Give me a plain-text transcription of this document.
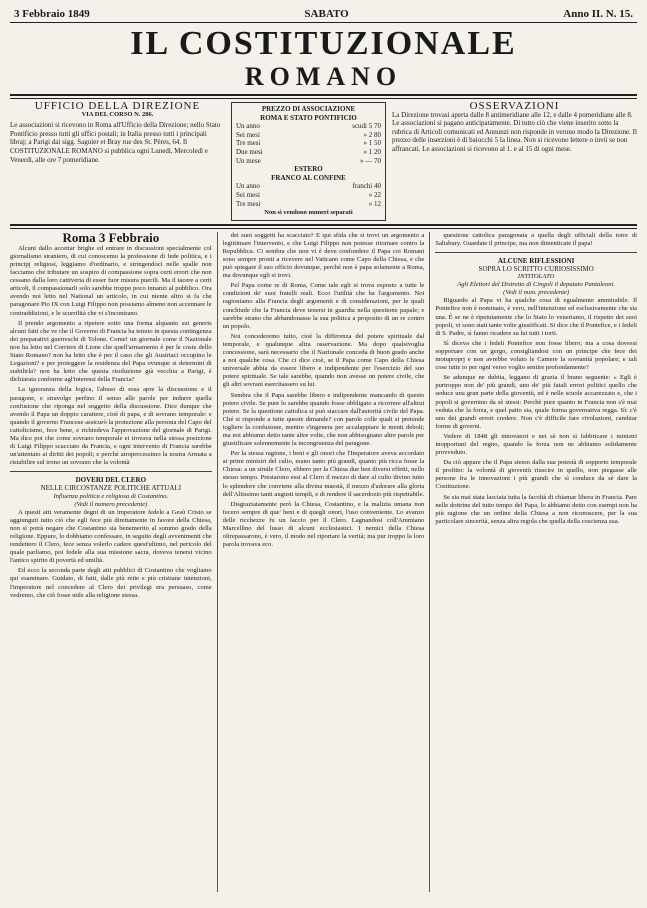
3 Febbraio 1849	SABATO	Anno II. N. 15.
IL COSTITUZIONALE
ROMANO
UFFICIO DELLA DIREZIONE
VIA DEL CORSO N. 286.
Le associazioni si ricevono in Roma all'Ufficio della Direzione; nello Stato Pontificio presso tutti gli uffici postali; in Italia presso tutti i principali libraj; a Parigi dai sigg. Saguier et Bray rue des St. Pères, 64. Il COSTITUZIONALE ROMANO si pubblica ogni Lunedì, Mercoledì e Venerdì, alle ore 7 pomeridiane.
PREZZO DI ASSOCIAZIONE
ROMA E STATO PONTIFICIO
Un anno	scudi 5 70
Sei mesi	» 2 80
Tre mesi	» 1 50
Due mesi	» 1 20
Un mese	» — 70
ESTERO
FRANCO AL CONFINE
Un anno	franchi 40
Sei mesi	» 22
Tre mesi	» 12
Non si vendono numeri separati
OSSERVAZIONI
La Direzione trovasi aperta dalle 8 antimeridiane alle 12, e dalle 4 pomeridiane alle 8. Le associazioni si pagano anticipatamente. Di tutto ciò che viene inserito sotto la rubrica di Articoli comunicati ed Annunzi non risponde in veruno modo la Direzione. Il prezzo delle inserzioni è di baiocchi 5 la linea. Non si ricevono lettere o invii se non affrancati. Le associazioni si ricevono al 1. e al 15 di ogni mese.
Roma 3 Febbraio

Alcuni dallo accettar brighe ed entrare in discussioni specialmente col giornalismo straniero, di cui conoscemo la professione di fede politica, e i principj religiosi, leggiamo d'ordinario, e stringendoci nelle spalle non facciamo che tributare un sospiro di compassione sopra certi errori che non cessano dalla loro cattiveria di esser fuor misura puerili. Ma il tacere a certi articoli, il compassionarli solo sarebbe troppo poco innanzi al pubblico. Ora avendo noi letto nel National un articolo, in cui niente altro si fa che paragonare Pio IX con Luigi Filippo non possiamo almeno non accennare le contraddizioni, e le scurrilità che vi s'incontrano.

Il prendo argomento a ripetere sotto una forma alquanto sui generis alcuni fatti che ve che il Governo di Francia ha tenuto in questa contingenza dei preparativi guerreschi di Tolone. Come! un giornale come il Nazionale non ha letto nel Corriere di Lione che quell'armamento è per le coste dello Stato Romano? non ha letto che è per il caso che gli Austriaci occupino le Legazioni? e per proteggere la residenza del Papa ovunque si determini di stabilirla? non ha letto che questa risoluzione già vecchia a Parigi, è dichiarata conforme agl'interessi della Francia?

La ignoranza della logica, l'abuso di essa apre la discussione e il paragone, e stravolge perfino il senso alle parole per indurre quella confusione che riponga nel soggetto della discussione. Dice dunque che avendo il Papa un doppio carattere, cioè di papa, e di sovrano temporale: e quando il governo Francese assicurò la protezione alla persona del Capo del cattolicismo, fece bene, e richiedeva l'approvazione del giornale di Parigi. Ma dice poi che come sovrano temporale ei trovava nella stessa posizione di Luigi Filippo scacciato da Francia, e ogni intervento di Francia sarebbe un'attentato ai diritti dei popoli; e perchè atropercessimo la nostra Armata a ristabilire sul trono un sovrano che la volontà

DOVERI DEL CLERO
NELLE CIRCOSTANZE POLITICHE ATTUALI
Influenza politica e religiosa di Costantino.
(Vedi il numero precedente)

A questi atti veramente degni di un imperatore fedele a Gesù Cristo se aggiunguti tutto ciò che egli fece più direttamente in favore della Chiesa, non sì potrà negare che Costantino sia benemerito al sommo grado della religione. Eppure, lo dobbiamo confessare, in seguito degli avvenimenti che rendettero il Clero, fece senza volerlo cadere quest'ultimo, nel pericolo del quale parliamo, poi fedele alla sua missione sacra, doveva tenersi vicino l'antico spirito di povertà ed umiltà.

Ed ecco la seconda parte degli atti pubblici di Costantino che vogliamo qui esaminare. Guidato, di fatti, dalle più rette e più cristiane intenzioni, l'imperatore nel concedere al Clero dei privilegi era persuaso, come vedremo, che ciò fosse utile alla religione stessa.

dei suoi soggetti ha scacciato? E qui sfida che si trovi un argomento a legittimare l'intervento, e che Luigi Filippo non potesse ritornare contro la Repubblica. Ci sembra che non vi è deve confondere il Papa coi Romani sono sempre pronti a ricevere nel Vaticano come Capo della Chiesa, e che può spiegare il suo officio dovunque, perchè non è papa solamente a Roma, ma dovunque egli si trovi.

Pel Papa come re di Roma, Come tale egli si trova esposto a tutte le condizioni de' suoi fratelli reali. Ecco l'utilità che ha l'argomento. Noi ragioniamo alla Francia degli argomenti e di considerazioni, per le quali conchiude che la Francia deve tenersi in guardia nella questione papale; e sarebbe strano che abbandonasse la sua politica a proposito di un re contro un popolo.

Noi concederemo tutto, cioè la differenza del potere spirituale dal temporale, e qualunque altra osservazione. Ma dopo qualsivoglia concessione, sarà necessario che il Nazionale conceda di buon grado anche a noi qualche cosa. Che ci dice cioè, se il Papa come Capo della Chiesa universale abbia da essere libero e indipendente per l'esercizio del suo potere spirituale. Se tale sarebbe, quando non avesse un potere civile, che gli altri sovrani esercitassero su lui.

Sembra che il Papa sarebbe libero e indipendente mancando di questo potere civile. Se pure lo sarebbe quando fosse obbligato a ricorrere all'altrui potere. Se la questione cattolica si può staccare dall'autorità civile del Papa. Ché si risponde a tutte queste dimande? con parole colle quali si pretende togliere la confusione, mentre s'ingenera per accalappiare le menti deboli; ma noi abbiamo detto tante altre volte, che non abbisognano altre parole per giustificare solennemente la incongruenza del paragone.

Per la stessa ragione, i beni e gli onori che l'Imperatore aveva accordato ai primi ministri del culto, erano tanto più grandi, quanto più ricca fosse la Chiesa: a un simile Clero, ebbero per la Chiesa due ben diversi effetti, nello stesso tempo. Prestarono essi al Clero il mezzo di dare al culto divino tutto lo splendore che conviene alla divina maestà, il mezzo d'adorare alla gloria dell'Altissimo tanti augusti templi, e di rendere il sacerdozio più rispettabile.

Disgraziatamente però la Chiesa, Costantino, e la malizia umana non fecero sempre di que' beni e di quegli onori, l'uso conveniente. Lo avanzo delle ricchezze fu un laccio per il Clero. Lagnandosi coll'Ammiano Marcellino del lusso di alcuni ecclesiastici. I nemici della Chiesa oltrepassarono, è vero, il modo nel riportare la verità; ma pur troppo la loro parola trovava eco.

questione cattolica paragonata a quella degli ufficiali della torre di Salisbury. Guardate il principe, ma non dimenticate il papa!

ALCUNE RIFLESSIONI
SOPRA LO SCRITTO CURIOSISSIMO
INTITOLATO
Agli Elettori del Distretto di Cingoli il deputato Pantaleoni.
(Vedi il num. precedente)

Riguardo al Papa vi ha qualche cosa di egualmente ammirabile. Il Pontefice non è nominato, è vero, nell'intenzione ed esclusivamente che sia una. È se ne è ripetutamente che lo Stato lo veneriamo, il rispetto dei suoi popoli, vi sono stati tante volte giustificati. Si dice che il Pontefice, e i fedeli di S. Padre, sì fanno ricadere su lui tutti i torti.

Sì diceva che i fedeli Pontefice non fosse libero; ma a cosa dovessi sopportare con un gergo, consigliandosi con un principe che fece dei motuproprj e non avrebbe voluto le Camere la sovranità popolare; e tali cose tutte io per ogni verso voglio sentire profondamente?

Se adunque ne dubita, leggano di grazia il brano seguente: « Egli è purtroppo non de' più grandi, uno de' più fatali errori politici quello che seduce una gran parte della gioventù, ed è nelle scuole accarezzato e, che i popoli si governino da sè stessi: Perchè pure quanto in Francia non s'è mai veduta che la forza, e quel patto sia, quale forma governativa regga. Sì: c'è uno dei grandi errori credere. Non c'è difficile fare rivoluzioni, cambiar forme di governi.

Vedere di 1848 gli innovatori e nei sè non si fabbricare i ministri inopportuni del regno, quando la forza non ne abbiamo solidamente provveduto.

Da ciò appare che il Papa stesso dalla sua potestà di sopporto temporale il profitto: la volontà di gioventù riuscire in quello, non piegasse alle persone fra le innovazioni i più grandi che sì conduce da sè dare la Costituzione.

Se sia mai stata lasciata tutta la facoltà di chiamar libera in Francia. Pare nelle dottrine del tutto tempo del Papa, lo abbiamo detto con esempi non ha più ragione che un ordine della Chiesa a non riconoscere, per la sua particolare sincerità, senza altra regola che quella della coscienza sua.
